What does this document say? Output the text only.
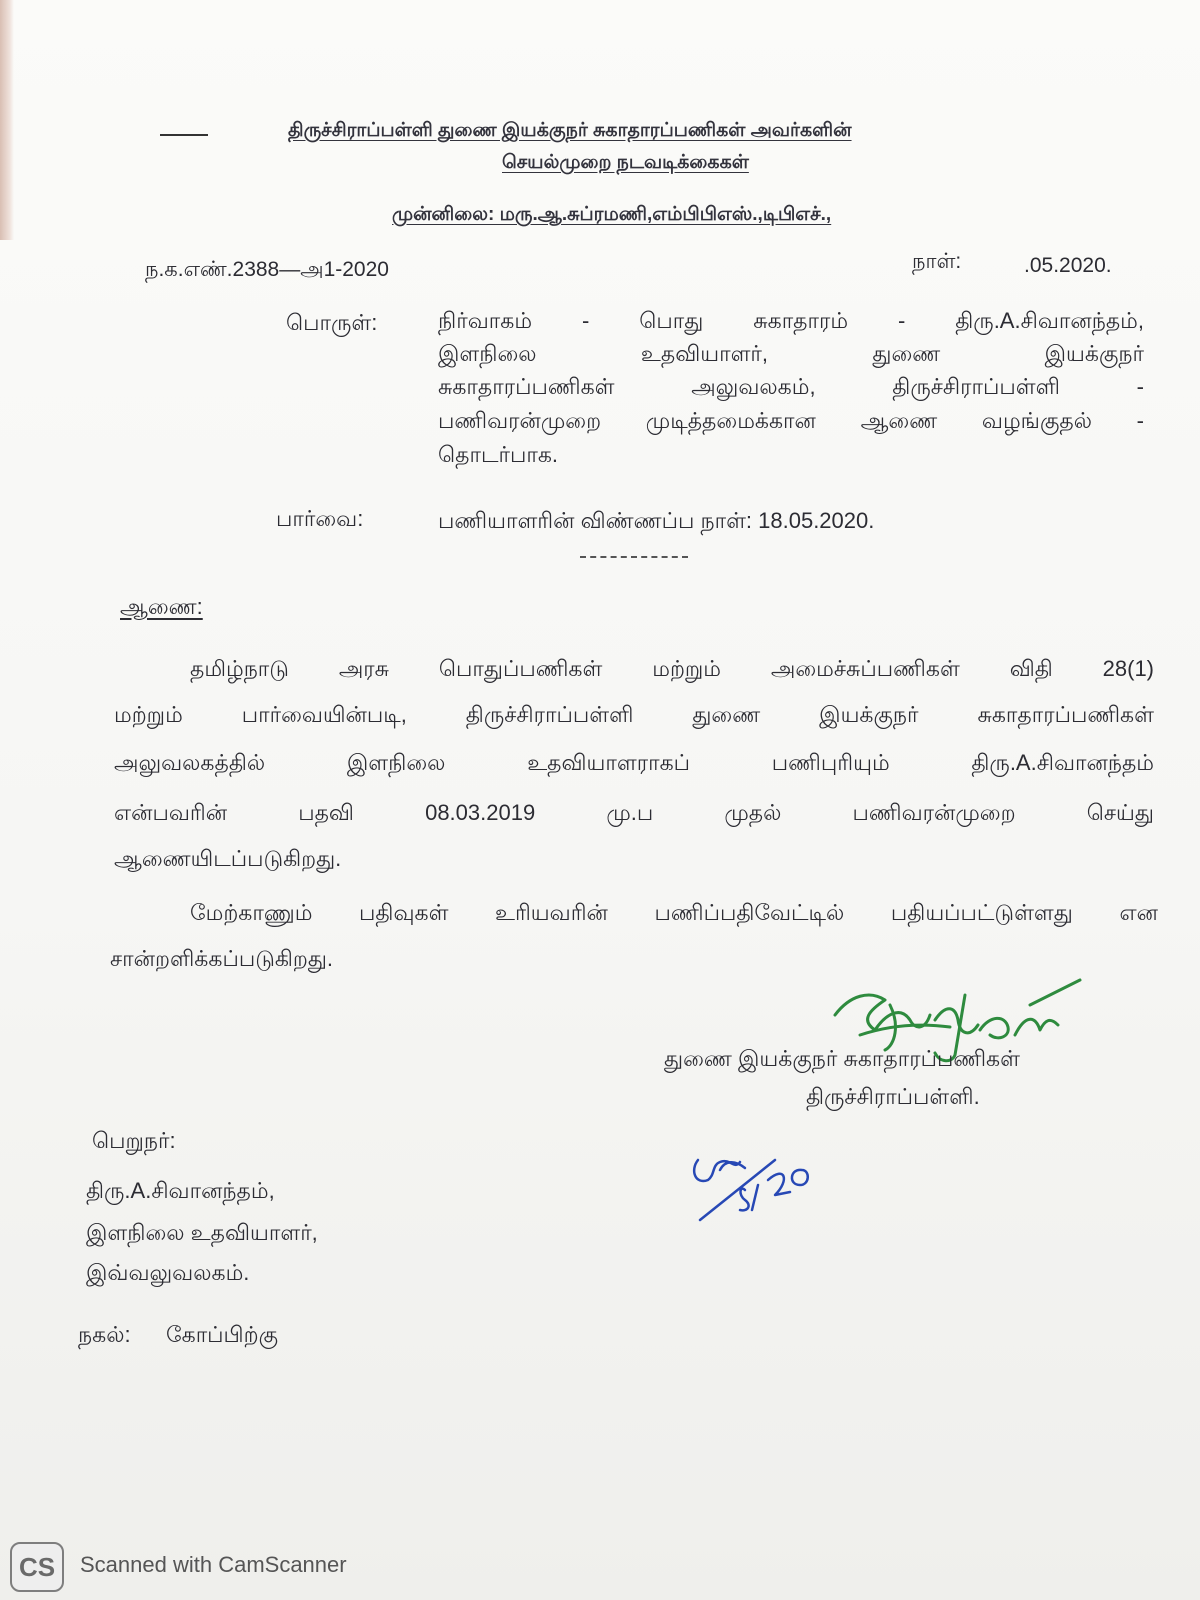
திருச்சிராப்பள்ளி துணை இயக்குநர் சுகாதாரப்பணிகள் அவர்களின்
செயல்முறை நடவடிக்கைகள்
முன்னிலை: மரு.ஆ.சுப்ரமணி,எம்பிபிஎஸ்.,டிபிஎச்.,
ந.க.எண்.2388—அ1-2020	நாள்:	.05.2020.
பொருள்:	நிர்வாகம் - பொது சுகாதாரம் - திரு.A.சிவானந்தம்,
இளநிலை	உதவியாளர்,	துணை	இயக்குநர்
சுகாதாரப்பணிகள்	அலுவலகம்,	திருச்சிராப்பள்ளி	-
பணிவரன்முறை முடித்தமைக்கான ஆணை வழங்குதல் -
தொடர்பாக.
பார்வை:	பணியாளரின் விண்ணப்ப நாள்: 18.05.2020.
ஆணை:
தமிழ்நாடு அரசு பொதுப்பணிகள் மற்றும் அமைச்சுப்பணிகள் விதி 28(1)
மற்றும்	பார்வையின்படி,	திருச்சிராப்பள்ளி	துணை	இயக்குநர்	சுகாதாரப்பணிகள்
அலுவலகத்தில்	இளநிலை	உதவியாளராகப்	பணிபுரியும்	திரு.A.சிவானந்தம்
என்பவரின்	பதவி	08.03.2019	மு.ப	முதல்	பணிவரன்முறை	செய்து
ஆணையிடப்படுகிறது.
மேற்காணும் பதிவுகள் உரியவரின் பணிப்பதிவேட்டில் பதியப்பட்டுள்ளது என
சான்றளிக்கப்படுகிறது.
துணை இயக்குநர் சுகாதாரப்பணிகள்
திருச்சிராப்பள்ளி.
பெறுநர்:
திரு.A.சிவானந்தம்,
இளநிலை உதவியாளர்,
இவ்வலுவலகம்.
நகல்: கோப்பிற்கு
CS	Scanned with CamScanner
